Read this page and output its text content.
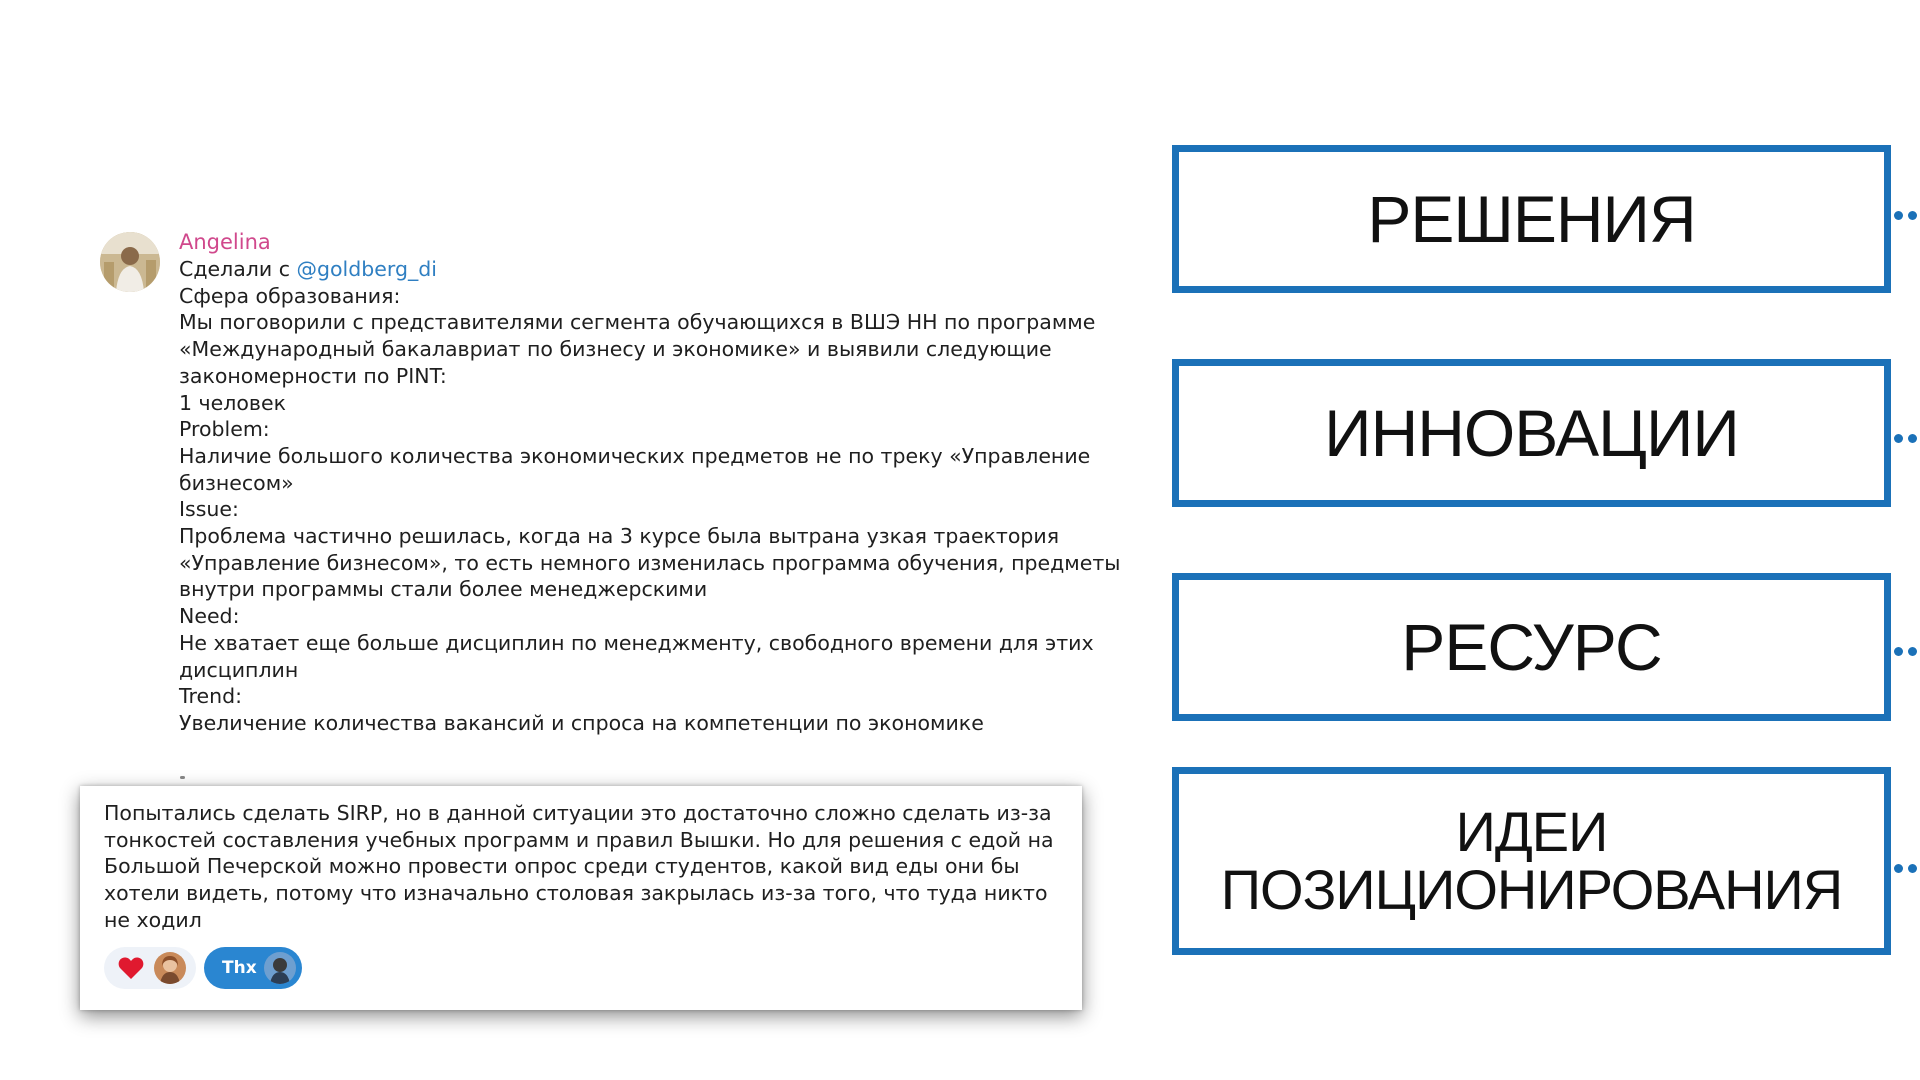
Angelina
Сделали с @goldberg_di
Сфера образования:
Мы поговорили с представителями сегмента обучающихся в ВШЭ НН по программе
«Международный бакалавриат по бизнесу и экономике» и выявили следующие
закономерности по PINT:
1 человек
Problem:
Наличие большого количества экономических предметов не по треку «Управление
бизнесом»
Issue:
Проблема частично решилась, когда на 3 курсе была вытрана узкая траектория
«Управление бизнесом», то есть немного изменилась программа обучения, предметы
внутри программы стали более менеджерскими
Need:
Не хватает еще больше дисциплин по менеджменту, свободного времени для этих
дисциплин
Trend:
Увеличение количества вакансий и спроса на компетенции по экономике
Попытались сделать SIRP, но в данной ситуации это достаточно сложно сделать из-за
тонкостей составления учебных программ и правил Вышки. Но для решения с едой на
Большой Печерской можно провести опрос среди студентов, какой вид еды они бы
хотели видеть, потому что изначально столовая закрылась из-за того, что туда никто
не ходил
Thx
РЕШЕНИЯ
ИННОВАЦИИ
РЕСУРС
ИДЕИ
ПОЗИЦИОНИРОВАНИЯ
